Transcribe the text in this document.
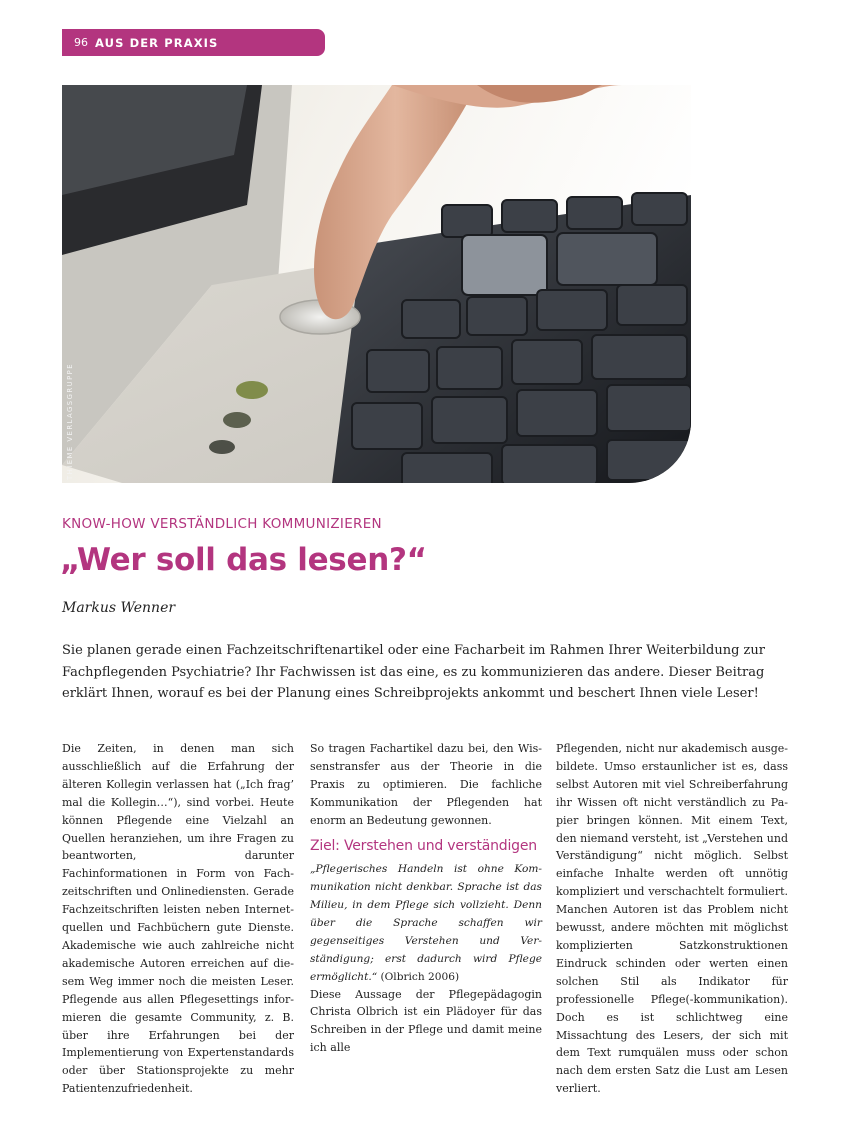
96 AUS DER PRAXIS
THIEME VERLAGSGRUPPE
KNOW-HOW VERSTÄNDLICH KOMMUNIZIEREN
„Wer soll das lesen?“
Markus Wenner

Sie planen gerade einen Fachzeitschriftenartikel oder eine Facharbeit im Rahmen Ihrer Weiterbildung zur Fachpflegenden Psychiatrie? Ihr Fachwissen ist das eine, es zu kommunizieren das andere. Dieser Beitrag erklärt Ihnen, worauf es bei der Planung eines Schreibprojekts ankommt und beschert Ihnen viele Leser!

Die Zeiten, in denen man sich ausschließlich auf die Erfahrung der älteren Kollegin verlassen hat („Ich frag’ mal die Kollegin…“), sind vorbei. Heute können Pflegende eine Vielzahl an Quellen heranziehen, um ihre Fragen zu beantworten, darunter Fachinformationen in Form von Fachzeitschriften und Onlinediensten. Gerade Fachzeitschriften leisten neben Internetquellen und Fachbüchern gute Dienste. Akademische wie auch zahlreiche nicht akademische Autoren erreichen auf diesem Weg immer noch die meisten Leser. Pflegende aus allen Pflegesettings informieren die gesamte Community, z. B. über ihre Erfahrungen bei der Implementierung von Expertenstandards oder über Stationsprojekte zu mehr Patientenzufriedenheit.

So tragen Fachartikel dazu bei, den Wissenstransfer aus der Theorie in die Praxis zu optimieren. Die fachliche Kommunikation der Pflegenden hat enorm an Bedeutung gewonnen.

Ziel: Verstehen und verständigen

„Pflegerisches Handeln ist ohne Kommunikation nicht denkbar. Sprache ist das Milieu, in dem Pflege sich vollzieht. Denn über die Sprache schaffen wir gegenseitiges Verstehen und Verständigung; erst dadurch wird Pflege ermöglicht.“ (Olbrich 2006)

Diese Aussage der Pflegepädagogin Christa Olbrich ist ein Plädoyer für das Schreiben in der Pflege und damit meine ich alle

Pflegenden, nicht nur akademisch ausgebildete. Umso erstaunlicher ist es, dass selbst Autoren mit viel Schreiberfahrung ihr Wissen oft nicht verständlich zu Papier bringen können. Mit einem Text, den niemand versteht, ist „Verstehen und Verständigung“ nicht möglich. Selbst einfache Inhalte werden oft unnötig kompliziert und verschachtelt formuliert. Manchen Autoren ist das Problem nicht bewusst, andere möchten mit möglichst komplizierten Satzkonstruktionen Eindruck schinden oder werten einen solchen Stil als Indikator für professionelle Pflege(-kommunikation). Doch es ist schlichtweg eine Missachtung des Lesers, der sich mit dem Text rumquälen muss oder schon nach dem ersten Satz die Lust am Lesen verliert.
